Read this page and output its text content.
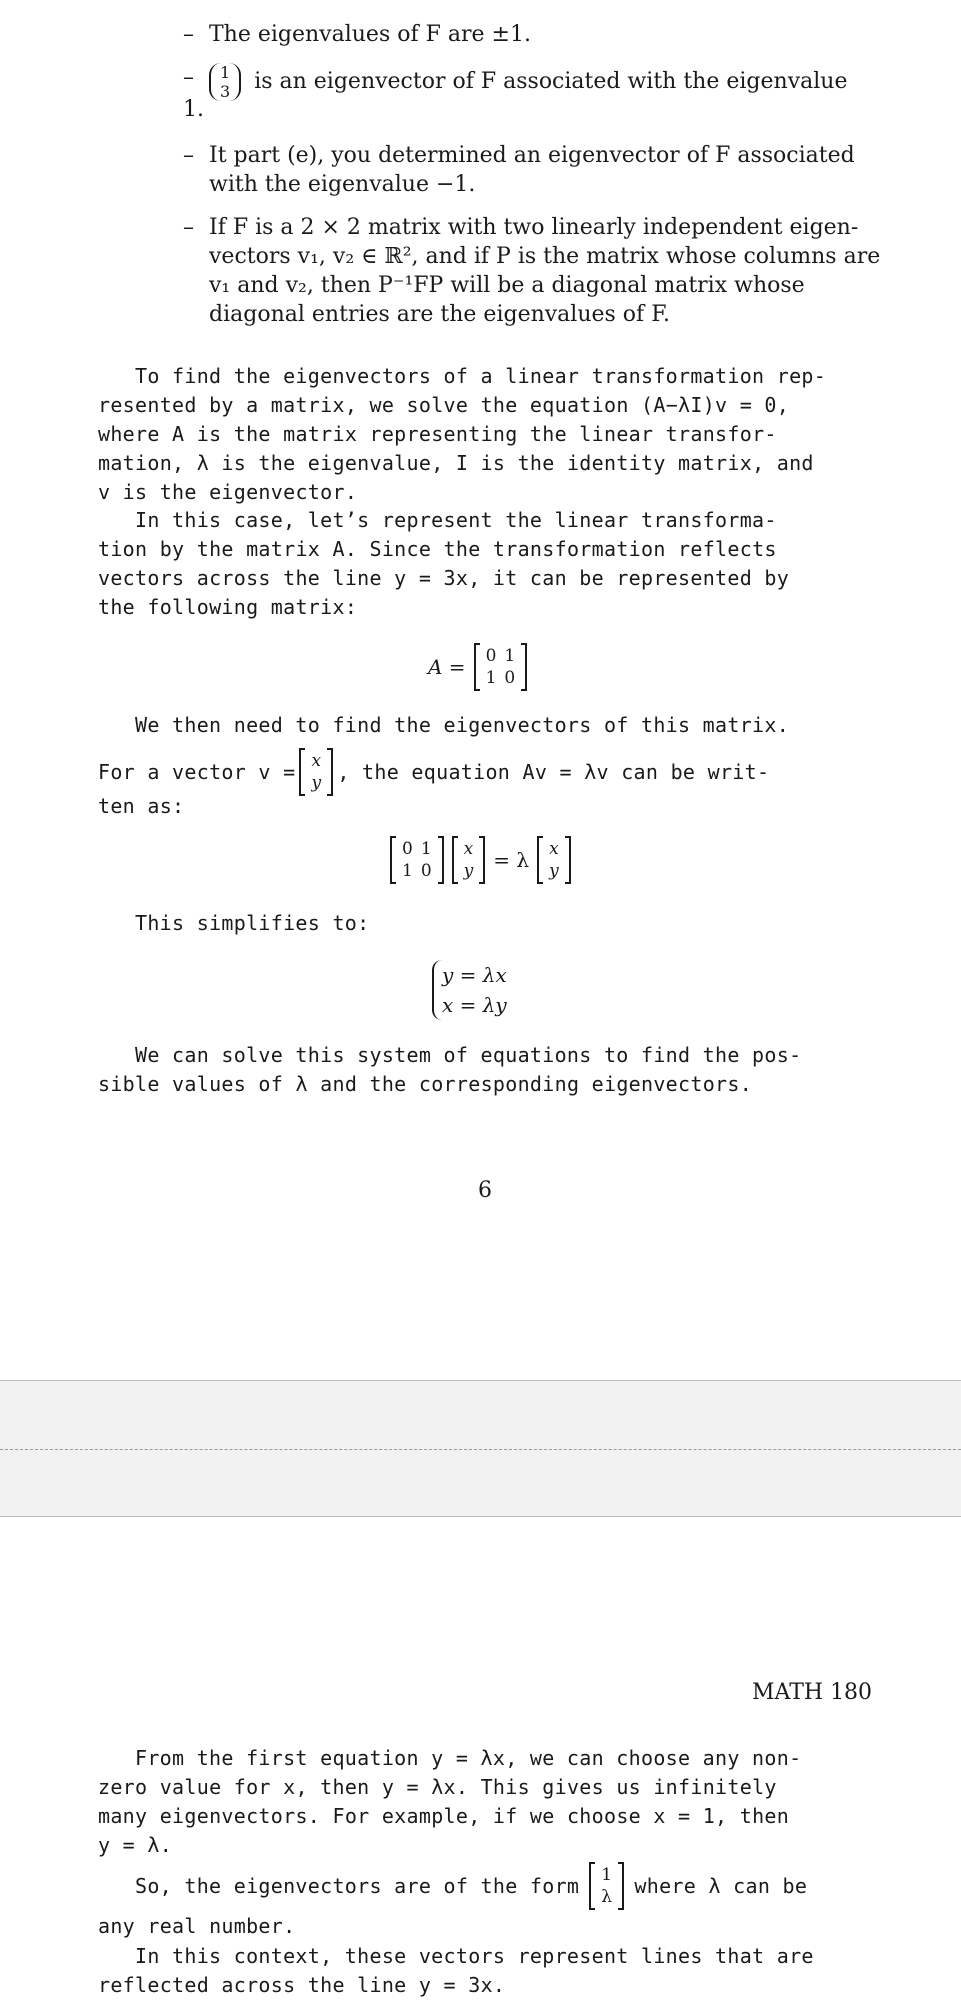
– The eigenvalues of F are ±1.
– 1
3 is an eigenvector of F associated with the eigenvalue
1.
– It part (e), you determined an eigenvector of F associated with the eigenvalue −1.
– If F is a 2 × 2 matrix with two linearly independent eigen-vectors v₁, v₂ ∈ ℝ², and if P is the matrix whose columns are v₁ and v₂, then P⁻¹FP will be a diagonal matrix whose diagonal entries are the eigenvalues of F.

To find the eigenvectors of a linear transformation rep-
resented by a matrix, we solve the equation (A−λI)v = 0,
where A is the matrix representing the linear transfor-
mation, λ is the eigenvalue, I is the identity matrix, and
v is the eigenvector.

In this case, let’s represent the linear transforma-
tion by the matrix A. Since the transformation reflects
vectors across the line y = 3x, it can be represented by
the following matrix:

A = 0	1
1	0

We then need to find the eigenvectors of this matrix.

For a vector v = x
y , the equation Av = λv can be writ-

ten as:

0	1
1	0
x
y = λ x
y

This simplifies to:

y = λx
x = λy

We can solve this system of equations to find the pos-
sible values of λ and the corresponding eigenvectors.

6
MATH 180

From the first equation y = λx, we can choose any non-
zero value for x, then y = λx. This gives us infinitely
many eigenvectors. For example, if we choose x = 1, then
y = λ.

So, the eigenvectors are of the form 1
λ where λ can be

any real number.

In this context, these vectors represent lines that are
reflected across the line y = 3x.
